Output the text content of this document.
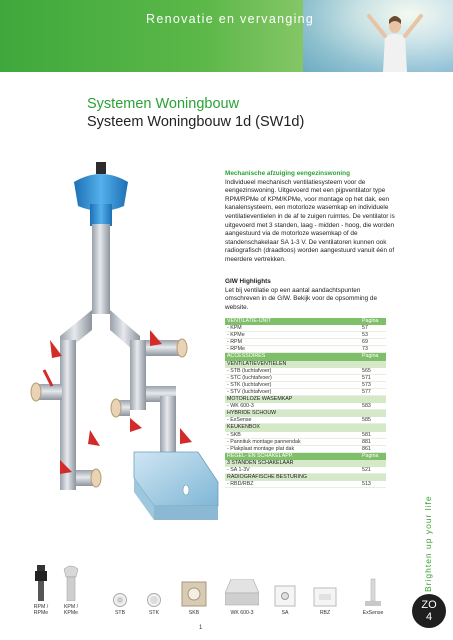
Renovatie en vervanging
Systemen Woningbouw
Systeem Woningbouw 1d (SW1d)
Mechanische afzuiging eengezinswoning
Individueel mechanisch ventilatiesysteem voor de eengezinswoning. Uitgevoerd met een pijpventilator type RPM/RPMe of KPM/KPMe, voor montage op het dak, een kanalensysteem, een motorloze wasemkap en individuele ventilatieventielen in de af te zuigen ruimtes. De ventilator is uitgevoerd met 3 standen, laag - midden - hoog, die worden aangestuurd via de motorloze wasemkap of de standenschakelaar SA 1-3 V. De ventilatoren kunnen ook radiografisch (draadloos) worden aangestuurd vanuit één of meerdere vertrekken.
GIW Highlights
Let bij ventilatie op een aantal aandachtspunten omschreven in de GIW. Bekijk voor de opsomming de website.
VENTILATIE-UNIT	Pagina
- KPM	57
- KPMe	53
- RPM	69
- RPMe	73
ACCESSOIRES	Pagina
VENTILATIEVENTIELEN
- STB (luchtafvoer)	565
- STC (luchtafvoer)	571
- STK (luchtafvoer)	573
- STV (luchtafvoer)	577
MOTORLOZE WASEMKAP
- WK 600-3	583
HYBRIDE SCHOUW
- ExSense	585
KEUKENBOX
- SKB	581
- Pannituk montage pannendak	881
- Plakplaat montage plat dak	861
REGEL- EN SCHAKELAPP.	Pagina
3 STANDEN SCHAKELAAR
- SA 1-3V	521
RADIOGRAFISCHE BESTURING
- RBD/RBZ	513
Brighten up your life
RPM / RPMe
KPM / KPMe	STB	STK	SKB	WK 600-3	SA	RBZ	ExSense
ZO
4
1
